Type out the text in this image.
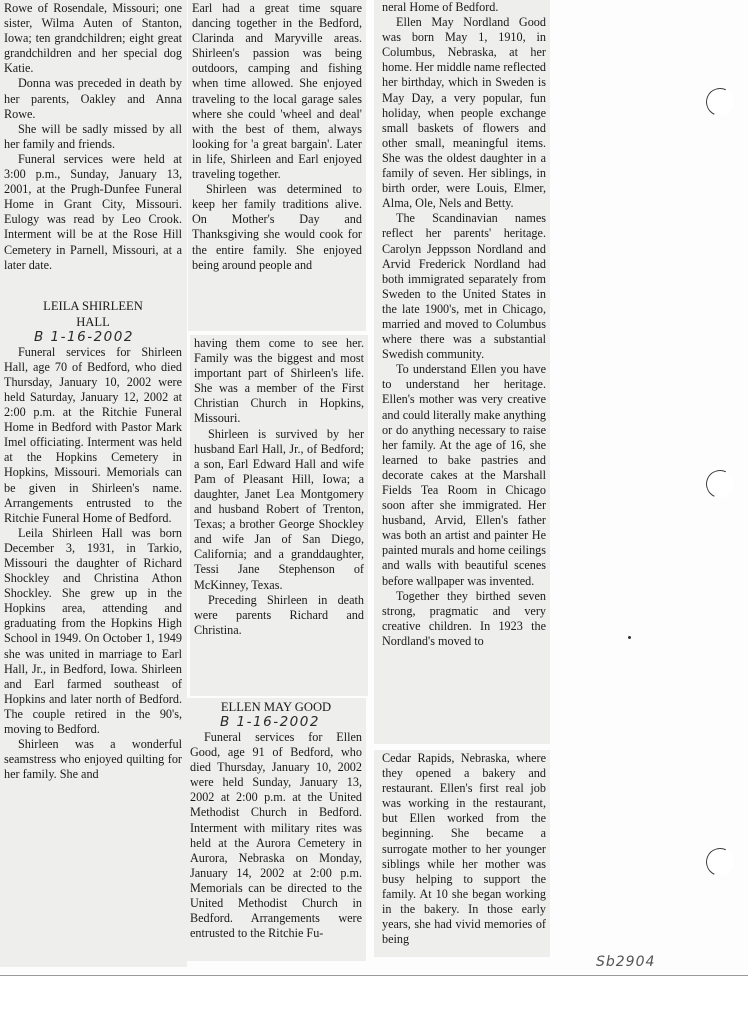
Rowe of Rosendale, Missouri; one sister, Wilma Auten of Stanton, Iowa; ten grandchildren; eight great grandchildren and her special dog Katie.

Donna was preceded in death by her parents, Oakley and Anna Rowe.

She will be sadly missed by all her family and friends.

Funeral services were held at 3:00 p.m., Sunday, January 13, 2001, at the Prugh-Dunfee Funeral Home in Grant City, Missouri. Eulogy was read by Leo Crook. Interment will be at the Rose Hill Cemetery in Parnell, Missouri, at a later date.

LEILA SHIRLEEN
HALL
B 1-16-2002

Funeral services for Shirleen Hall, age 70 of Bedford, who died Thursday, January 10, 2002 were held Saturday, January 12, 2002 at 2:00 p.m. at the Ritchie Funeral Home in Bedford with Pastor Mark Imel officiating. Interment was held at the Hopkins Cemetery in Hopkins, Missouri. Memorials can be given in Shirleen's name. Arrangements entrusted to the Ritchie Funeral Home of Bedford.

Leila Shirleen Hall was born December 3, 1931, in Tarkio, Missouri the daughter of Richard Shockley and Christina Athon Shockley. She grew up in the Hopkins area, attending and graduating from the Hopkins High School in 1949. On October 1, 1949 she was united in marriage to Earl Hall, Jr., in Bedford, Iowa. Shirleen and Earl farmed southeast of Hopkins and later north of Bedford. The couple retired in the 90's, moving to Bedford.

Shirleen was a wonderful seamstress who enjoyed quilting for her family. She and

Earl had a great time square dancing together in the Bedford, Clarinda and Maryville areas. Shirleen's passion was being outdoors, camping and fishing when time allowed. She enjoyed traveling to the local garage sales where she could 'wheel and deal' with the best of them, always looking for 'a great bargain'. Later in life, Shirleen and Earl enjoyed traveling together.

Shirleen was determined to keep her family traditions alive. On Mother's Day and Thanksgiving she would cook for the entire family. She enjoyed being around people and

having them come to see her. Family was the biggest and most important part of Shirleen's life. She was a member of the First Christian Church in Hopkins, Missouri.

Shirleen is survived by her husband Earl Hall, Jr., of Bedford; a son, Earl Edward Hall and wife Pam of Pleasant Hill, Iowa; a daughter, Janet Lea Montgomery and husband Robert of Trenton, Texas; a brother George Shockley and wife Jan of San Diego, California; and a granddaughter, Tessi Jane Stephenson of McKinney, Texas.

Preceding Shirleen in death were parents Richard and Christina.

ELLEN MAY GOOD
B 1-16-2002

Funeral services for Ellen Good, age 91 of Bedford, who died Thursday, January 10, 2002 were held Sunday, January 13, 2002 at 2:00 p.m. at the United Methodist Church in Bedford. Interment with military rites was held at the Aurora Cemetery in Aurora, Nebraska on Monday, January 14, 2002 at 2:00 p.m. Memorials can be directed to the United Methodist Church in Bedford. Arrangements were entrusted to the Ritchie Fu-

neral Home of Bedford.

Ellen May Nordland Good was born May 1, 1910, in Columbus, Nebraska, at her home. Her middle name reflected her birthday, which in Sweden is May Day, a very popular, fun holiday, when people exchange small baskets of flowers and other small, meaningful items. She was the oldest daughter in a family of seven. Her siblings, in birth order, were Louis, Elmer, Alma, Ole, Nels and Betty.

The Scandinavian names reflect her parents' heritage. Carolyn Jeppsson Nordland and Arvid Frederick Nordland had both immigrated separately from Sweden to the United States in the late 1900's, met in Chicago, married and moved to Columbus where there was a substantial Swedish community.

To understand Ellen you have to understand her heritage. Ellen's mother was very creative and could literally make anything or do anything necessary to raise her family. At the age of 16, she learned to bake pastries and decorate cakes at the Marshall Fields Tea Room in Chicago soon after she immigrated. Her husband, Arvid, Ellen's father was both an artist and painter He painted murals and home ceilings and walls with beautiful scenes before wallpaper was invented.

Together they birthed seven strong, pragmatic and very creative children. In 1923 the Nordland's moved to

Cedar Rapids, Nebraska, where they opened a bakery and restaurant. Ellen's first real job was working in the restaurant, but Ellen worked from the beginning. She became a surrogate mother to her younger siblings while her mother was busy helping to support the family. At 10 she began working in the bakery. In those early years, she had vivid memories of being

Sb2904
